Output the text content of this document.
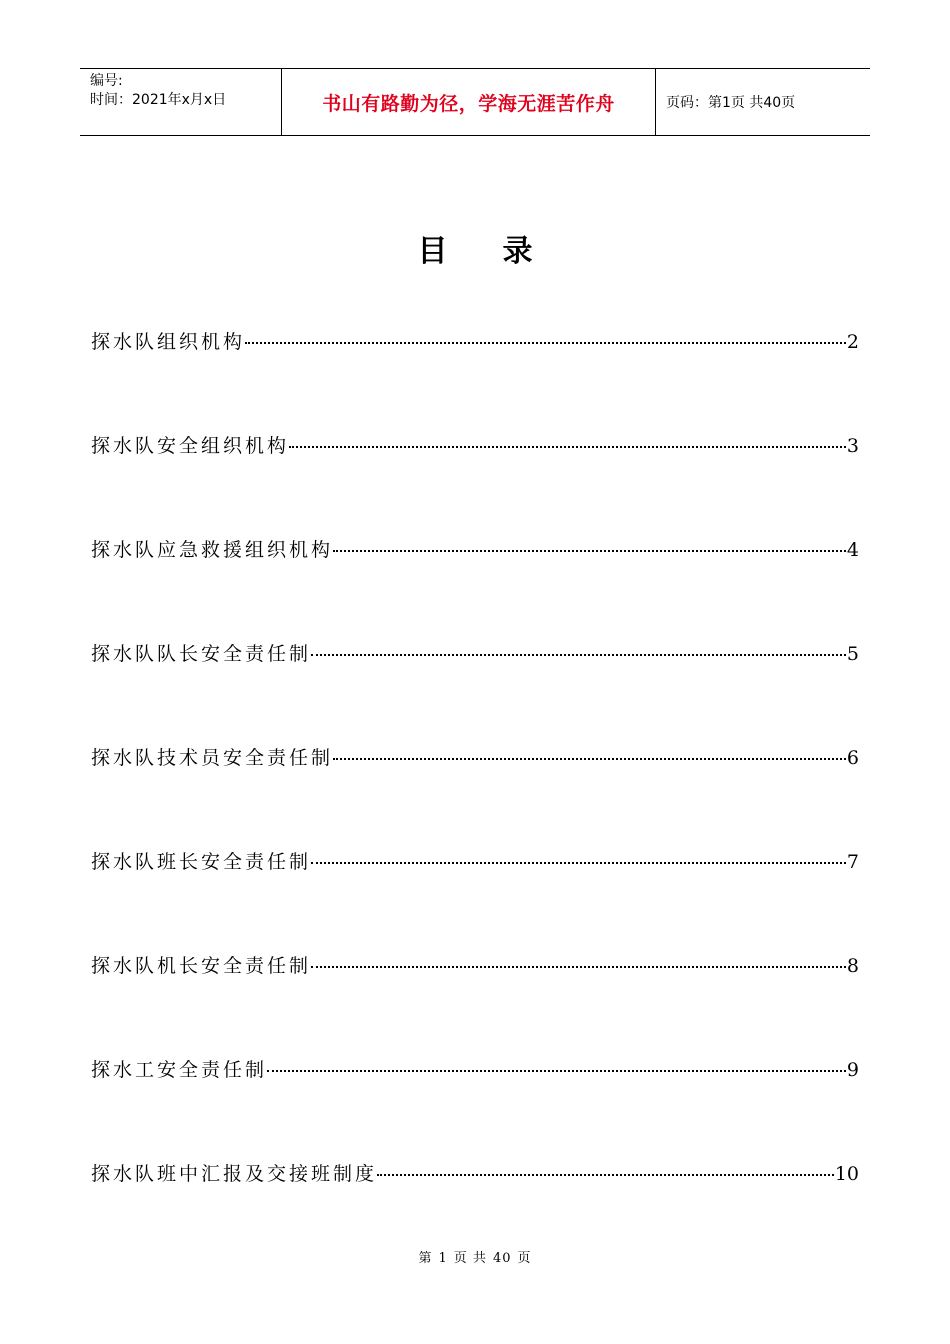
编号:
时间：2021年x月x日	书山有路勤为径，学海无涯苦作舟	页码：第1页 共40页
目录
探水队组织机构	2
探水队安全组织机构	3
探水队应急救援组织机构	4
探水队队长安全责任制	5
探水队技术员安全责任制	6
探水队班长安全责任制	7
探水队机长安全责任制	8
探水工安全责任制	9
探水队班中汇报及交接班制度	10
第 1 页 共 40 页
